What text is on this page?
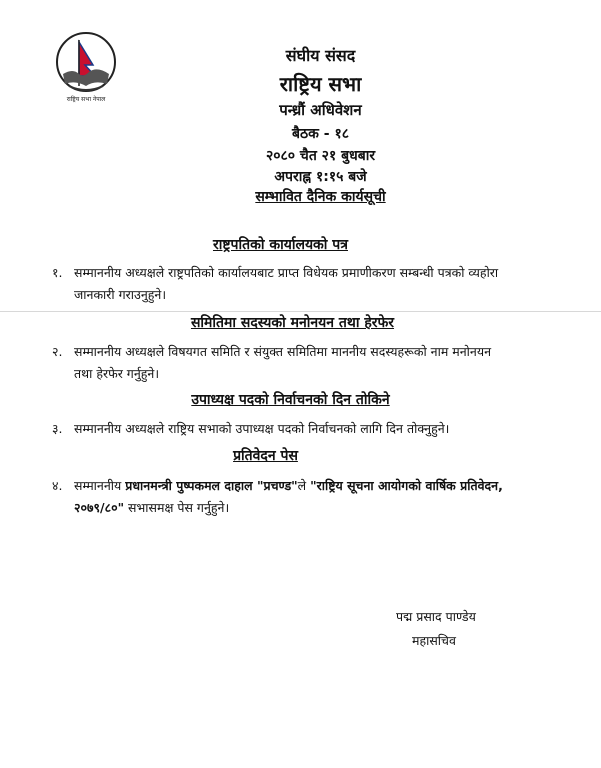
राष्ट्रिय सभा नेपाल
संघीय संसद
राष्ट्रिय सभा
पन्ध्रौं अधिवेशन
बैठक - १८
२०८० चैत २१ बुधबार
अपराह्न १:१५ बजे
सम्भावित दैनिक कार्यसूची
राष्ट्रपतिको कार्यालयको पत्र
१. सम्माननीय अध्यक्षले राष्ट्रपतिको कार्यालयबाट प्राप्त विधेयक प्रमाणीकरण सम्बन्धी पत्रको व्यहोरा जानकारी गराउनुहुने।
समितिमा सदस्यको मनोनयन तथा हेरफेर
२. सम्माननीय अध्यक्षले विषयगत समिति र संयुक्त समितिमा माननीय सदस्यहरूको नाम मनोनयन तथा हेरफेर गर्नुहुने।
उपाध्यक्ष पदको निर्वाचनको दिन तोकिने
३. सम्माननीय अध्यक्षले राष्ट्रिय सभाको उपाध्यक्ष पदको निर्वाचनको लागि दिन तोक्नुहुने।
प्रतिवेदन पेस
४. सम्माननीय प्रधानमन्त्री पुष्पकमल दाहाल "प्रचण्ड"ले "राष्ट्रिय सूचना आयोगको वार्षिक प्रतिवेदन, २०७९/८०" सभासमक्ष पेस गर्नुहुने।
पद्म प्रसाद पाण्डेय
महासचिव
